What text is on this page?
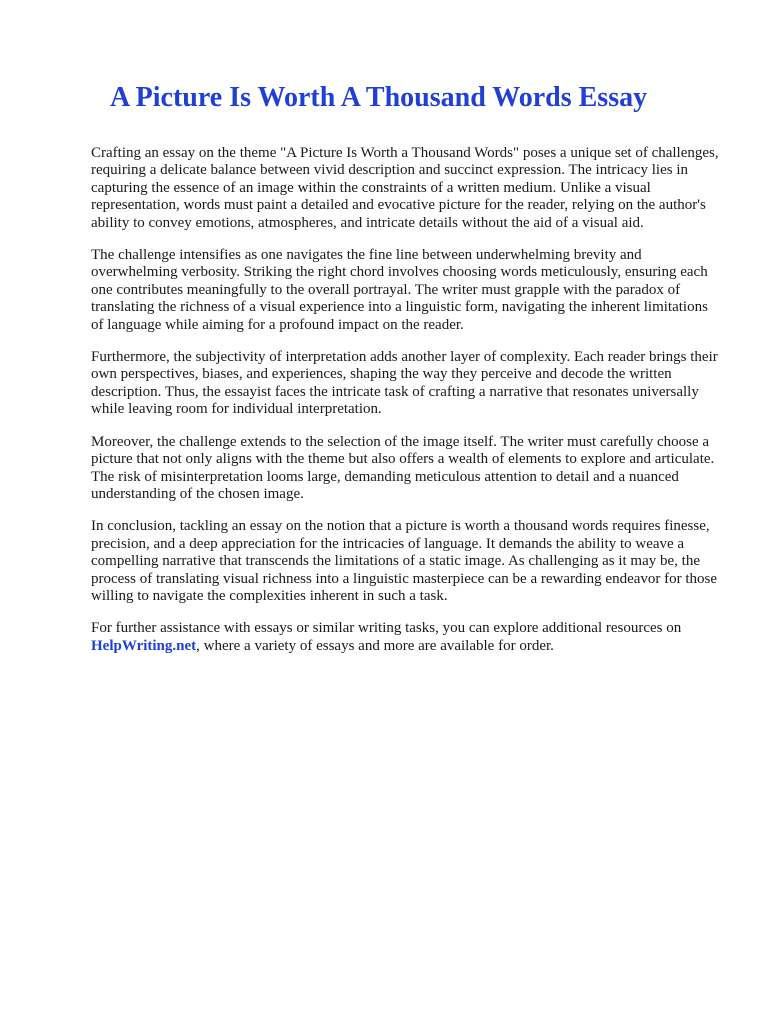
A Picture Is Worth A Thousand Words Essay

Crafting an essay on the theme "A Picture Is Worth a Thousand Words" poses a unique set of challenges, requiring a delicate balance between vivid description and succinct expression. The intricacy lies in capturing the essence of an image within the constraints of a written medium. Unlike a visual representation, words must paint a detailed and evocative picture for the reader, relying on the author's ability to convey emotions, atmospheres, and intricate details without the aid of a visual aid.

The challenge intensifies as one navigates the fine line between underwhelming brevity and overwhelming verbosity. Striking the right chord involves choosing words meticulously, ensuring each one contributes meaningfully to the overall portrayal. The writer must grapple with the paradox of translating the richness of a visual experience into a linguistic form, navigating the inherent limitations of language while aiming for a profound impact on the reader.

Furthermore, the subjectivity of interpretation adds another layer of complexity. Each reader brings their own perspectives, biases, and experiences, shaping the way they perceive and decode the written description. Thus, the essayist faces the intricate task of crafting a narrative that resonates universally while leaving room for individual interpretation.

Moreover, the challenge extends to the selection of the image itself. The writer must carefully choose a picture that not only aligns with the theme but also offers a wealth of elements to explore and articulate. The risk of misinterpretation looms large, demanding meticulous attention to detail and a nuanced understanding of the chosen image.

In conclusion, tackling an essay on the notion that a picture is worth a thousand words requires finesse, precision, and a deep appreciation for the intricacies of language. It demands the ability to weave a compelling narrative that transcends the limitations of a static image. As challenging as it may be, the process of translating visual richness into a linguistic masterpiece can be a rewarding endeavor for those willing to navigate the complexities inherent in such a task.

For further assistance with essays or similar writing tasks, you can explore additional resources on HelpWriting.net, where a variety of essays and more are available for order.
